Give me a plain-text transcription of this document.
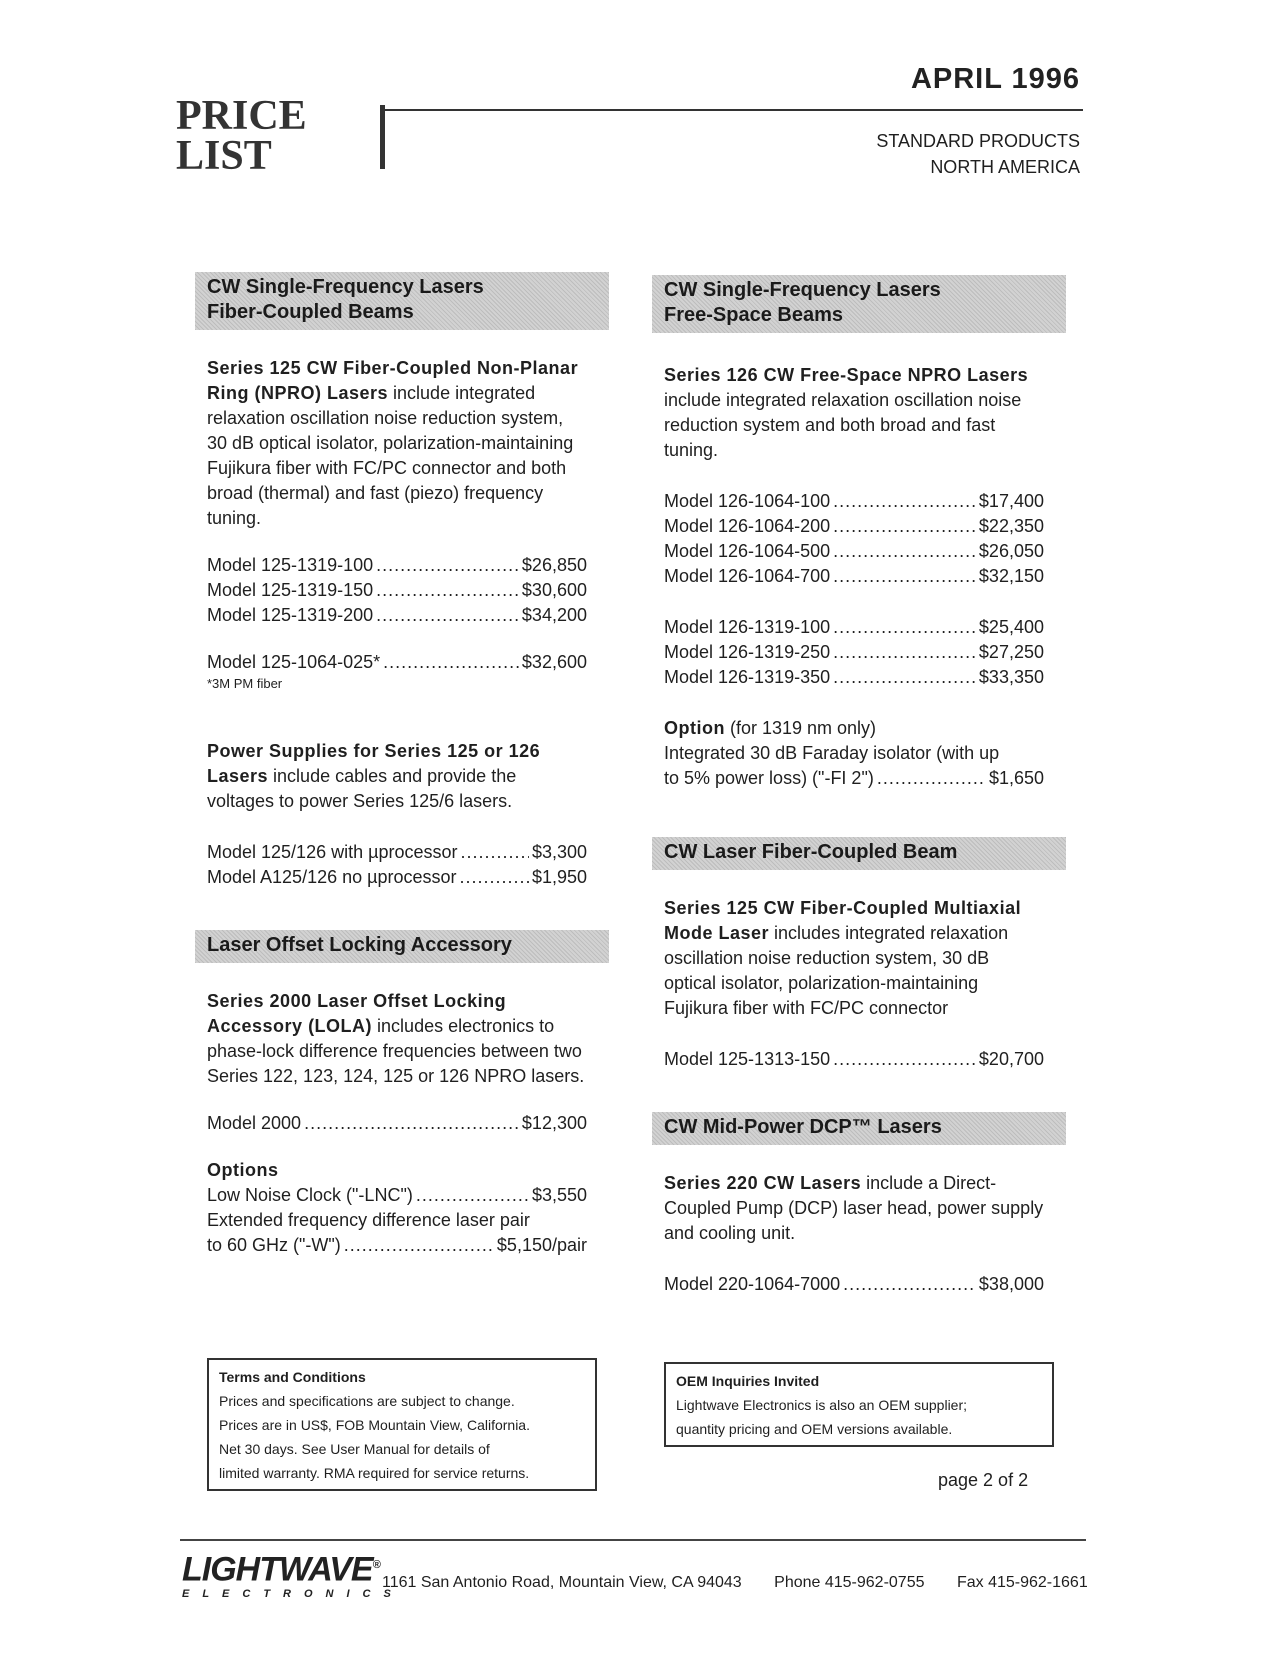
PRICE
LIST
APRIL 1996
STANDARD PRODUCTS
NORTH AMERICA
CW Single-Frequency Lasers
Fiber-Coupled Beams
Series 125 CW Fiber-Coupled Non-Planar Ring (NPRO) Lasers include integrated relaxation oscillation noise reduction system, 30 dB optical isolator, polarization-maintaining Fujikura fiber with FC/PC connector and both broad (thermal) and fast (piezo) frequency tuning.
Model 125-1319-100 . . .	$26,850
Model 125-1319-150 . . .	$30,600
Model 125-1319-200 . . .	$34,200
Model 125-1064-025* . . .	$32,600
*3M PM fiber
Power Supplies for Series 125 or 126 Lasers include cables and provide the voltages to power Series 125/6 lasers.
Model 125/126 with µprocessor . . .	$3,300
Model A125/126 no µprocessor . . .	$1,950
Laser Offset Locking Accessory
Series 2000 Laser Offset Locking Accessory (LOLA) includes electronics to phase-lock difference frequencies between two Series 122, 123, 124, 125 or 126 NPRO lasers.
Model 2000 . . .	$12,300
Options
Low Noise Clock ("-LNC") . . .	$3,550
Extended frequency difference laser pair
to 60 GHz ("-W") . . .	$5,150/pair
Terms and Conditions
Prices and specifications are subject to change.
Prices are in US$, FOB Mountain View, California.
Net 30 days. See User Manual for details of
limited warranty. RMA required for service returns.
CW Single-Frequency Lasers
Free-Space Beams
Series 126 CW Free-Space NPRO Lasers include integrated relaxation oscillation noise reduction system and both broad and fast tuning.
Model 126-1064-100 . . .	$17,400
Model 126-1064-200 . . .	$22,350
Model 126-1064-500 . . .	$26,050
Model 126-1064-700 . . .	$32,150
Model 126-1319-100 . . .	$25,400
Model 126-1319-250 . . .	$27,250
Model 126-1319-350 . . .	$33,350
Option (for 1319 nm only)
Integrated 30 dB Faraday isolator (with up
to 5% power loss) ("-FI 2") . . .	$1,650
CW Laser Fiber-Coupled Beam
Series 125 CW Fiber-Coupled Multiaxial Mode Laser includes integrated relaxation oscillation noise reduction system, 30 dB optical isolator, polarization-maintaining Fujikura fiber with FC/PC connector
Model 125-1313-150 . . .	$20,700
CW Mid-Power DCP™ Lasers
Series 220 CW Lasers include a Direct-Coupled Pump (DCP) laser head, power supply and cooling unit.
Model 220-1064-7000 . . .	$38,000
OEM Inquiries Invited
Lightwave Electronics is also an OEM supplier;
quantity pricing and OEM versions available.
page 2 of 2
LIGHTWAVE®
ELECTRONICS
1161 San Antonio Road, Mountain View, CA 94043 Phone 415-962-0755 Fax 415-962-1661
